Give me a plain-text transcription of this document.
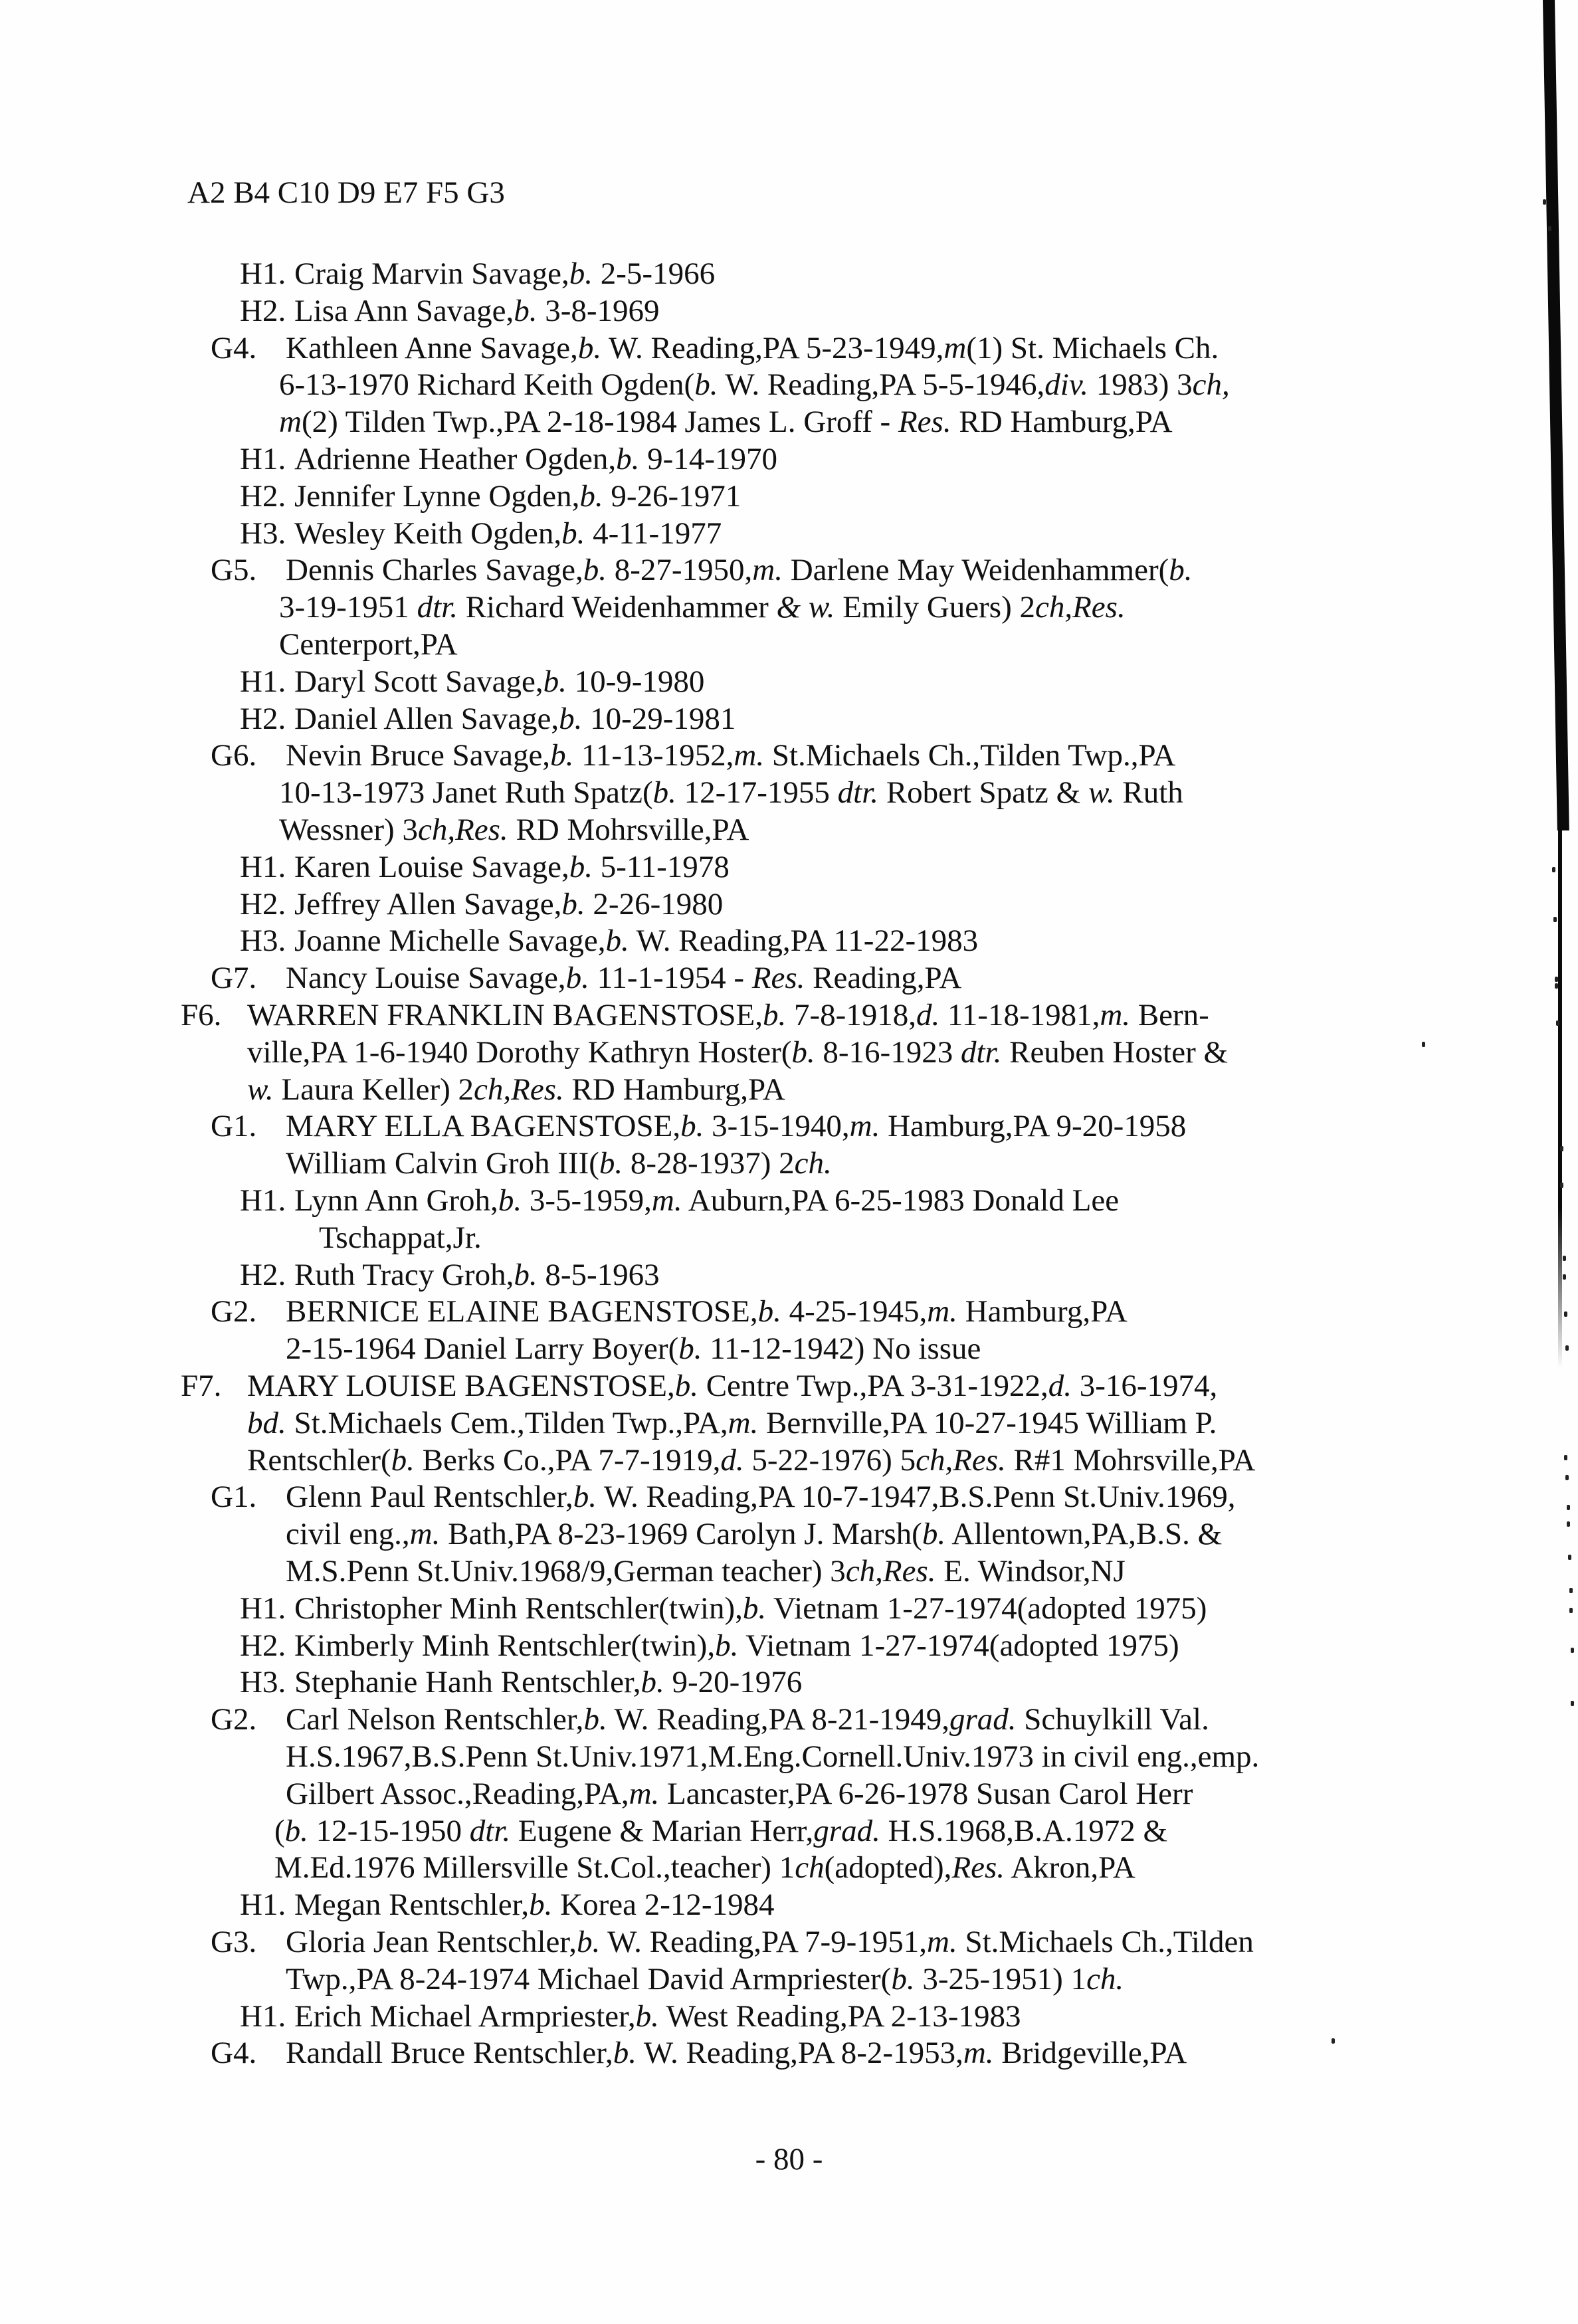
A2 B4 C10 D9 E7 F5 G3
H1. Craig Marvin Savage,b. 2-5-1966
H2. Lisa Ann Savage,b. 3-8-1969
G4. Kathleen Anne Savage,b. W. Reading,PA 5-23-1949,m(1) St. Michaels Ch.
6-13-1970 Richard Keith Ogden(b. W. Reading,PA 5-5-1946,div. 1983) 3ch,
m(2) Tilden Twp.,PA 2-18-1984 James L. Groff - Res. RD Hamburg,PA
H1. Adrienne Heather Ogden,b. 9-14-1970
H2. Jennifer Lynne Ogden,b. 9-26-1971
H3. Wesley Keith Ogden,b. 4-11-1977
G5. Dennis Charles Savage,b. 8-27-1950,m. Darlene May Weidenhammer(b.
3-19-1951 dtr. Richard Weidenhammer & w. Emily Guers) 2ch,Res.
Centerport,PA
H1. Daryl Scott Savage,b. 10-9-1980
H2. Daniel Allen Savage,b. 10-29-1981
G6. Nevin Bruce Savage,b. 11-13-1952,m. St.Michaels Ch.,Tilden Twp.,PA
10-13-1973 Janet Ruth Spatz(b. 12-17-1955 dtr. Robert Spatz & w. Ruth
Wessner) 3ch,Res. RD Mohrsville,PA
H1. Karen Louise Savage,b. 5-11-1978
H2. Jeffrey Allen Savage,b. 2-26-1980
H3. Joanne Michelle Savage,b. W. Reading,PA 11-22-1983
G7. Nancy Louise Savage,b. 11-1-1954 - Res. Reading,PA
F6. WARREN FRANKLIN BAGENSTOSE,b. 7-8-1918,d. 11-18-1981,m. Bern-
ville,PA 1-6-1940 Dorothy Kathryn Hoster(b. 8-16-1923 dtr. Reuben Hoster &
w. Laura Keller) 2ch,Res. RD Hamburg,PA
G1. MARY ELLA BAGENSTOSE,b. 3-15-1940,m. Hamburg,PA 9-20-1958
William Calvin Groh III(b. 8-28-1937) 2ch.
H1. Lynn Ann Groh,b. 3-5-1959,m. Auburn,PA 6-25-1983 Donald Lee
Tschappat,Jr.
H2. Ruth Tracy Groh,b. 8-5-1963
G2. BERNICE ELAINE BAGENSTOSE,b. 4-25-1945,m. Hamburg,PA
2-15-1964 Daniel Larry Boyer(b. 11-12-1942) No issue
F7. MARY LOUISE BAGENSTOSE,b. Centre Twp.,PA 3-31-1922,d. 3-16-1974,
bd. St.Michaels Cem.,Tilden Twp.,PA,m. Bernville,PA 10-27-1945 William P.
Rentschler(b. Berks Co.,PA 7-7-1919,d. 5-22-1976) 5ch,Res. R#1 Mohrsville,PA
G1. Glenn Paul Rentschler,b. W. Reading,PA 10-7-1947,B.S.Penn St.Univ.1969,
civil eng.,m. Bath,PA 8-23-1969 Carolyn J. Marsh(b. Allentown,PA,B.S. &
M.S.Penn St.Univ.1968/9,German teacher) 3ch,Res. E. Windsor,NJ
H1. Christopher Minh Rentschler(twin),b. Vietnam 1-27-1974(adopted 1975)
H2. Kimberly Minh Rentschler(twin),b. Vietnam 1-27-1974(adopted 1975)
H3. Stephanie Hanh Rentschler,b. 9-20-1976
G2. Carl Nelson Rentschler,b. W. Reading,PA 8-21-1949,grad. Schuylkill Val.
H.S.1967,B.S.Penn St.Univ.1971,M.Eng.Cornell.Univ.1973 in civil eng.,emp.
Gilbert Assoc.,Reading,PA,m. Lancaster,PA 6-26-1978 Susan Carol Herr
(b. 12-15-1950 dtr. Eugene & Marian Herr,grad. H.S.1968,B.A.1972 &
M.Ed.1976 Millersville St.Col.,teacher) 1ch(adopted),Res. Akron,PA
H1. Megan Rentschler,b. Korea 2-12-1984
G3. Gloria Jean Rentschler,b. W. Reading,PA 7-9-1951,m. St.Michaels Ch.,Tilden
Twp.,PA 8-24-1974 Michael David Armpriester(b. 3-25-1951) 1ch.
H1. Erich Michael Armpriester,b. West Reading,PA 2-13-1983
G4. Randall Bruce Rentschler,b. W. Reading,PA 8-2-1953,m. Bridgeville,PA
- 80 -
